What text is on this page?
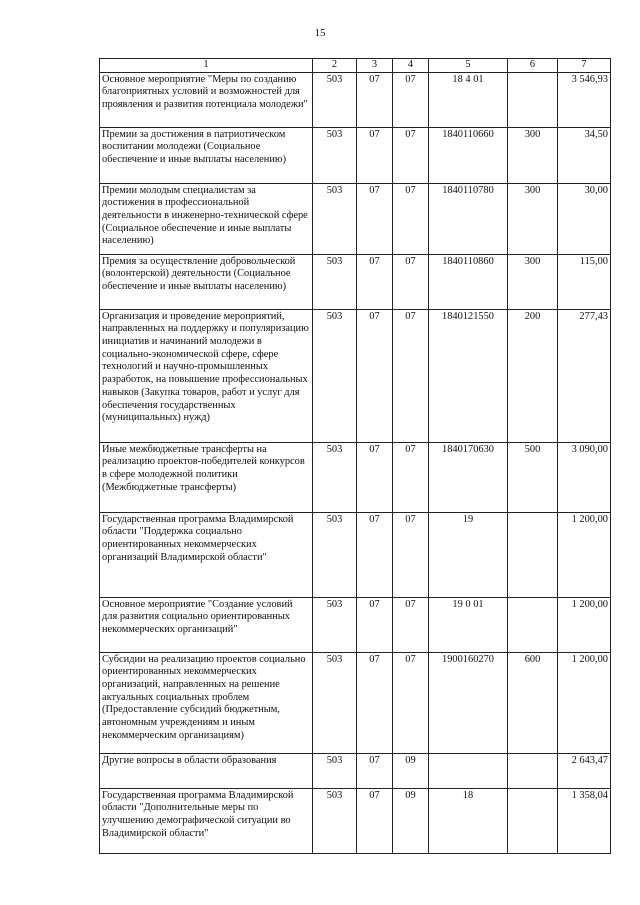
15
1	2	3	4	5	6	7
Основное мероприятие "Меры по созданию благоприятных условий и возможностей для проявления и развития потенциала молодежи"	503	07	07	18 4 01		3 546,93
Премии за достижения в патриотическом воспитании молодежи (Социальное обеспечение и иные выплаты населению)	503	07	07	1840110660	300	34,50
Премии молодым специалистам за достижения в профессиональной деятельности в инженерно-технической сфере (Социальное обеспечение и иные выплаты населению)	503	07	07	1840110780	300	30,00
Премия за осуществление добровольческой (волонтерской) деятельности (Социальное обеспечение и иные выплаты населению)	503	07	07	1840110860	300	115,00
Организация и проведение мероприятий, направленных на поддержку и популяризацию инициатив и начинаний молодежи в социально-экономической сфере, сфере технологий и научно-промышленных разработок, на повышение профессиональных навыков (Закупка товаров, работ и услуг для обеспечения государственных (муниципальных) нужд)	503	07	07	1840121550	200	277,43
Иные межбюджетные трансферты на реализацию проектов-победителей конкурсов в сфере молодежной политики (Межбюджетные трансферты)	503	07	07	1840170630	500	3 090,00
Государственная программа Владимирской области "Поддержка социально ориентированных некоммерческих организаций Владимирской области"	503	07	07	19		1 200,00
Основное мероприятие "Создание условий для развития социально ориентированных некоммерческих организаций"	503	07	07	19 0 01		1 200,00
Субсидии на реализацию проектов социально ориентированных некоммерческих организаций, направленных на решение актуальных социальных проблем (Предоставление субсидий бюджетным, автономным учреждениям и иным некоммерческим организациям)	503	07	07	1900160270	600	1 200,00
Другие вопросы в области образования	503	07	09			2 643,47
Государственная программа Владимирской области "Дополнительные меры по улучшению демографической ситуации во Владимирской области"	503	07	09	18		1 358,04
